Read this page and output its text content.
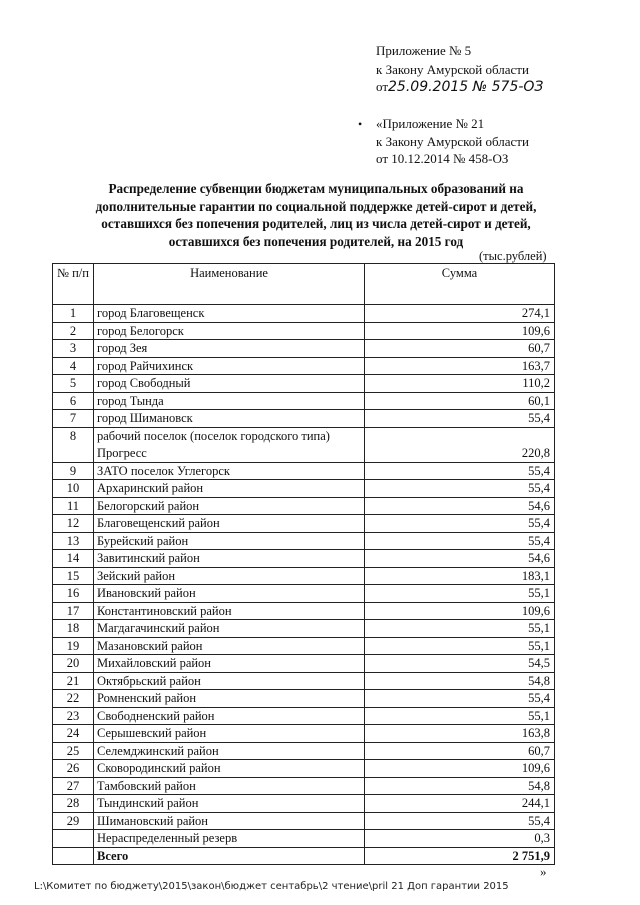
Приложение № 5
к Закону Амурской области
от25.09.2015 № 575-ОЗ
• «Приложение № 21
к Закону Амурской области
от 10.12.2014 № 458-ОЗ
Распределение субвенции бюджетам муниципальных образований на
дополнительные гарантии по социальной поддержке детей-сирот и детей,
оставшихся без попечения родителей, лиц из числа детей-сирот и детей,
оставшихся без попечения родителей, на 2015 год
(тыс.рублей)
№ п/п	Наименование	Сумма
1	город Благовещенск	274,1
2	город Белогорск	109,6
3	город Зея	60,7
4	город Райчихинск	163,7
5	город Свободный	110,2
6	город Тында	60,1
7	город Шимановск	55,4
8	рабочий поселок (поселок городского типа) Прогресс	220,8
9	ЗАТО поселок Углегорск	55,4
10	Архаринский район	55,4
11	Белогорский район	54,6
12	Благовещенский район	55,4
13	Бурейский район	55,4
14	Завитинский район	54,6
15	Зейский район	183,1
16	Ивановский район	55,1
17	Константиновский район	109,6
18	Магдагачинский район	55,1
19	Мазановский район	55,1
20	Михайловский район	54,5
21	Октябрьский район	54,8
22	Ромненский район	55,4
23	Свободненский район	55,1
24	Серышевский район	163,8
25	Селемджинский район	60,7
26	Сковородинский район	109,6
27	Тамбовский район	54,8
28	Тындинский район	244,1
29	Шимановский район	55,4
	Нераспределенный резерв	0,3
	Всего	2 751,9
»
L:\Комитет по бюджету\2015\закон\бюджет сентабрь\2 чтение\pril 21 Доп гарантии 2015
